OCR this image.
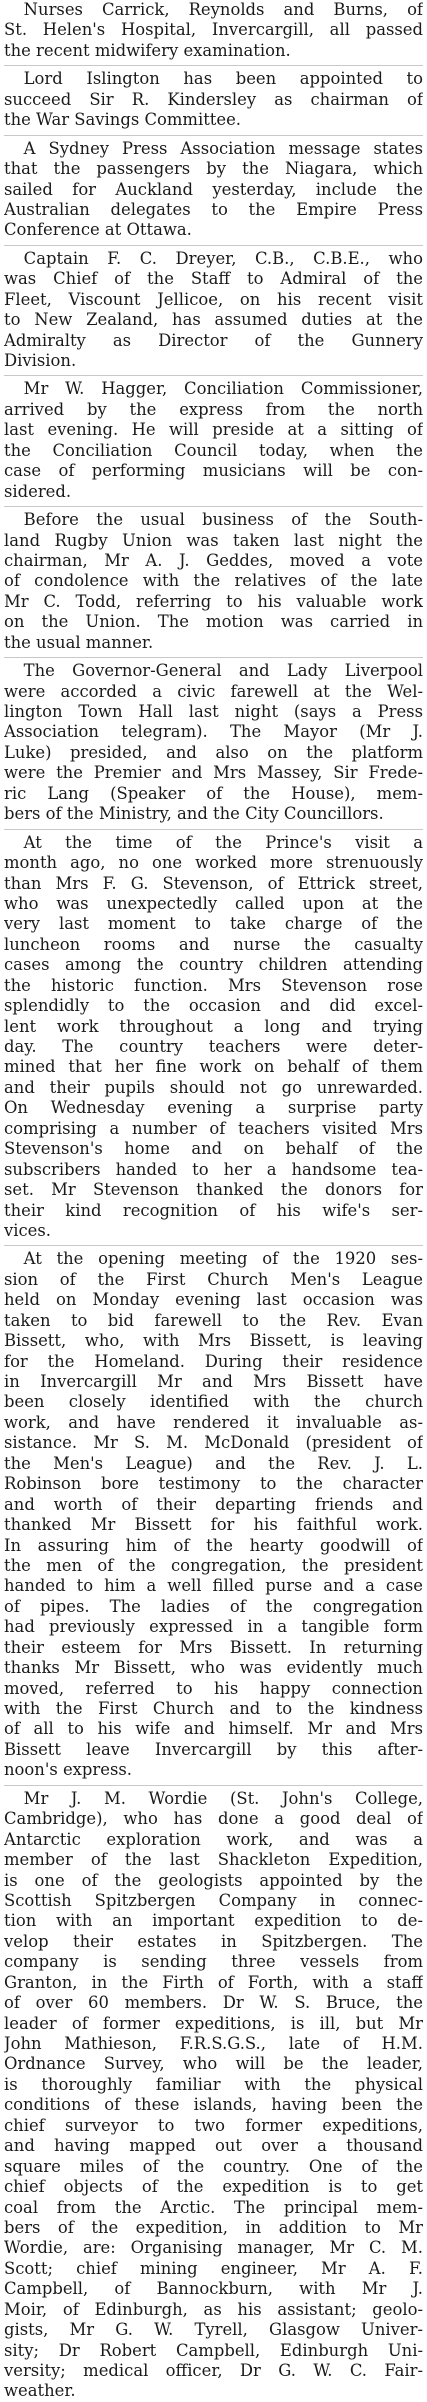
Nurses Carrick, Reynolds and Burns, of
St. Helen's Hospital, Invercargill, all passed
the recent midwifery examination.
Lord Islington has been appointed to
succeed Sir R. Kindersley as chairman of
the War Savings Committee.
A Sydney Press Association message states
that the passengers by the Niagara, which
sailed for Auckland yesterday, include the
Australian delegates to the Empire Press
Conference at Ottawa.
Captain F. C. Dreyer, C.B., C.B.E., who
was Chief of the Staff to Admiral of the
Fleet, Viscount Jellicoe, on his recent visit
to New Zealand, has assumed duties at the
Admiralty as Director of the Gunnery
Division.
Mr W. Hagger, Conciliation Commissioner,
arrived by the express from the north
last evening. He will preside at a sitting of
the Conciliation Council today, when the
case of performing musicians will be con-
sidered.
Before the usual business of the South-
land Rugby Union was taken last night the
chairman, Mr A. J. Geddes, moved a vote
of condolence with the relatives of the late
Mr C. Todd, referring to his valuable work
on the Union. The motion was carried in
the usual manner.
The Governor-General and Lady Liverpool
were accorded a civic farewell at the Wel-
lington Town Hall last night (says a Press
Association telegram). The Mayor (Mr J.
Luke) presided, and also on the platform
were the Premier and Mrs Massey, Sir Frede-
ric Lang (Speaker of the House), mem-
bers of the Ministry, and the City Councillors.
At the time of the Prince's visit a
month ago, no one worked more strenuously
than Mrs F. G. Stevenson, of Ettrick street,
who was unexpectedly called upon at the
very last moment to take charge of the
luncheon rooms and nurse the casualty
cases among the country children attending
the historic function. Mrs Stevenson rose
splendidly to the occasion and did excel-
lent work throughout a long and trying
day. The country teachers were deter-
mined that her fine work on behalf of them
and their pupils should not go unrewarded.
On Wednesday evening a surprise party
comprising a number of teachers visited Mrs
Stevenson's home and on behalf of the
subscribers handed to her a handsome tea-
set. Mr Stevenson thanked the donors for
their kind recognition of his wife's ser-
vices.
At the opening meeting of the 1920 ses-
sion of the First Church Men's League
held on Monday evening last occasion was
taken to bid farewell to the Rev. Evan
Bissett, who, with Mrs Bissett, is leaving
for the Homeland. During their residence
in Invercargill Mr and Mrs Bissett have
been closely identified with the church
work, and have rendered it invaluable as-
sistance. Mr S. M. McDonald (president of
the Men's League) and the Rev. J. L.
Robinson bore testimony to the character
and worth of their departing friends and
thanked Mr Bissett for his faithful work.
In assuring him of the hearty goodwill of
the men of the congregation, the president
handed to him a well filled purse and a case
of pipes. The ladies of the congregation
had previously expressed in a tangible form
their esteem for Mrs Bissett. In returning
thanks Mr Bissett, who was evidently much
moved, referred to his happy connection
with the First Church and to the kindness
of all to his wife and himself. Mr and Mrs
Bissett leave Invercargill by this after-
noon's express.
Mr J. M. Wordie (St. John's College,
Cambridge), who has done a good deal of
Antarctic exploration work, and was a
member of the last Shackleton Expedition,
is one of the geologists appointed by the
Scottish Spitzbergen Company in connec-
tion with an important expedition to de-
velop their estates in Spitzbergen. The
company is sending three vessels from
Granton, in the Firth of Forth, with a staff
of over 60 members. Dr W. S. Bruce, the
leader of former expeditions, is ill, but Mr
John Mathieson, F.R.S.G.S., late of H.M.
Ordnance Survey, who will be the leader,
is thoroughly familiar with the physical
conditions of these islands, having been the
chief surveyor to two former expeditions,
and having mapped out over a thousand
square miles of the country. One of the
chief objects of the expedition is to get
coal from the Arctic. The principal mem-
bers of the expedition, in addition to Mr
Wordie, are: Organising manager, Mr C. M.
Scott; chief mining engineer, Mr A. F.
Campbell, of Bannockburn, with Mr J.
Moir, of Edinburgh, as his assistant; geolo-
gists, Mr G. W. Tyrell, Glasgow Univer-
sity; Dr Robert Campbell, Edinburgh Uni-
versity; medical officer, Dr G. W. C. Fair-
weather.
